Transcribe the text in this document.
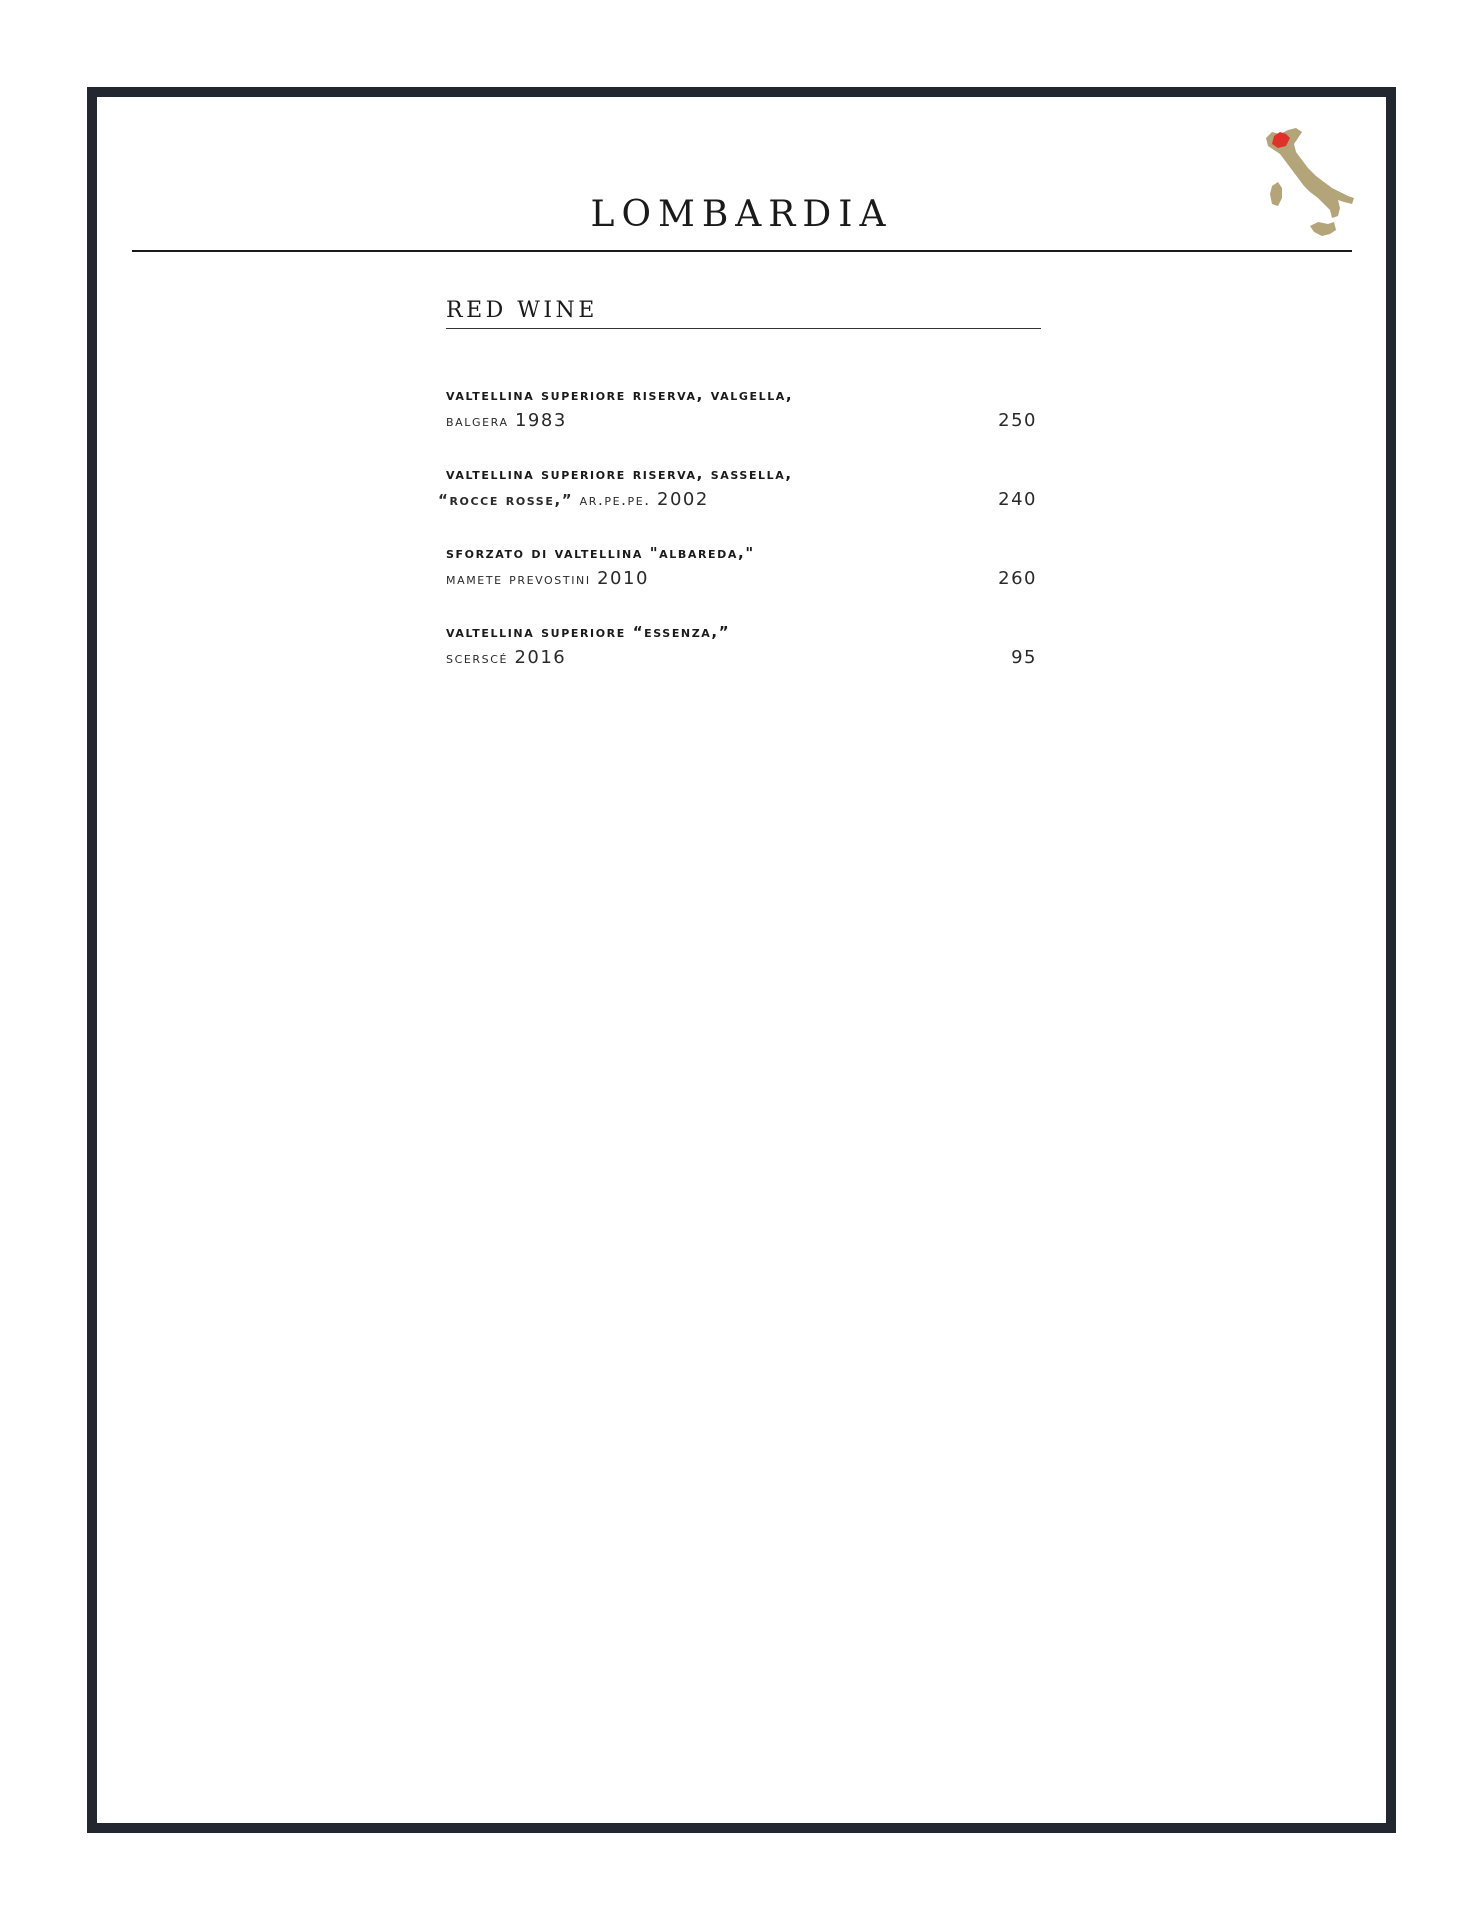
LOMBARDIA
RED WINE
valtellina superiore riserva, valgella,
balgera 1983	250
valtellina superiore riserva, sassella,
“rocce rosse,” ar.pe.pe. 2002	240
sforzato di valtellina "albareda,"
mamete prevostini 2010	260
valtellina superiore “essenza,”
scerscé 2016	95
